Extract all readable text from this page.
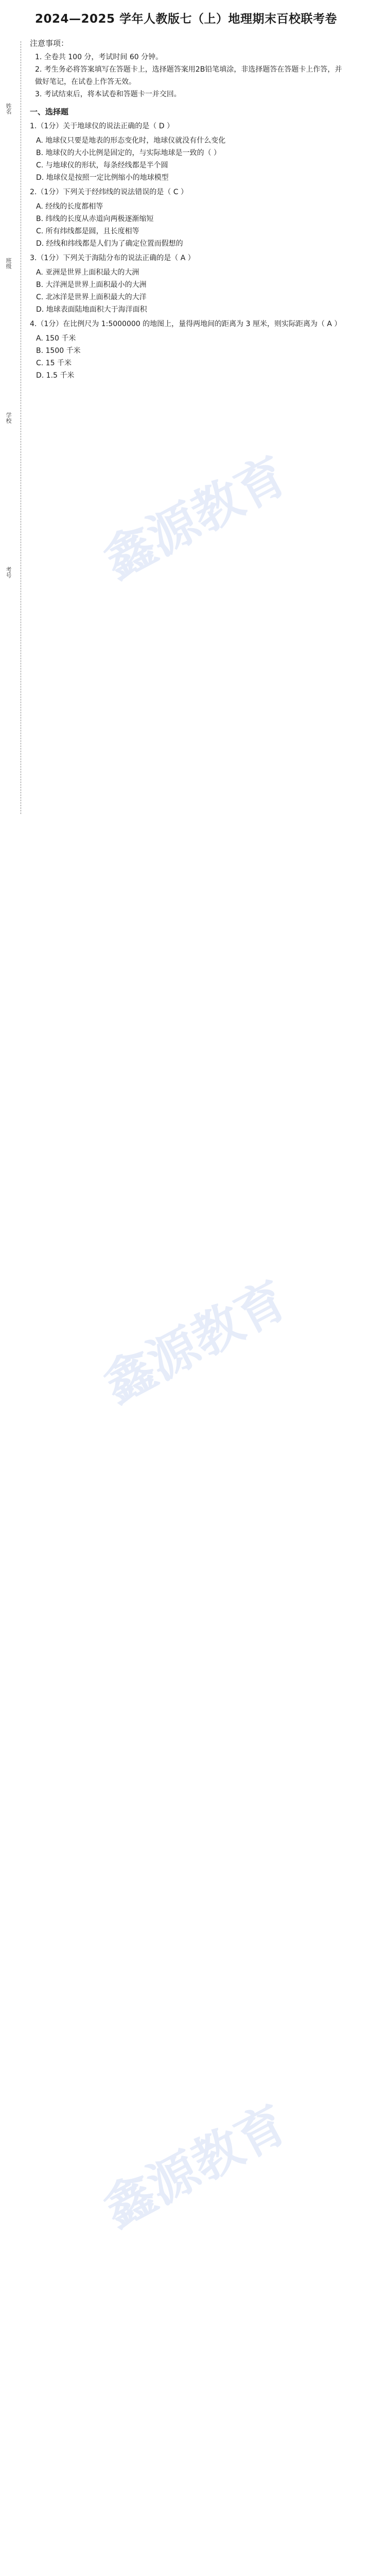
姓名
班级
学校
考号
2024—2025 学年人教版七（上）地理期末百校联考卷
注意事项：
1. 全卷共 100 分，考试时间 60 分钟。
2. 考生务必将答案填写在答题卡上，选择题答案用2B铅笔填涂，非选择题答在答题卡上作答，并
做好笔记，在试卷上作答无效。
3. 考试结束后，将本试卷和答题卡一并交回。
一、选择题
1.（1分）关于地球仪的说法正确的是（ D ）
A. 地球仪只要是地表的形态变化时，地球仪就没有什么变化
B. 地球仪的大小比例是固定的，与实际地球是一致的（ ）
C. 与地球仪的形状，每条经线都是半个圆
D. 地球仪是按照一定比例缩小的地球模型
2.（1分）下列关于经纬线的说法错误的是（ C ）
A. 经线的长度都相等
B. 纬线的长度从赤道向两极逐渐缩短
C. 所有纬线都是圆，且长度相等
D. 经线和纬线都是人们为了确定位置而假想的
3.（1分）下列关于海陆分布的说法正确的是（ A ）
A. 亚洲是世界上面积最大的大洲
B. 大洋洲是世界上面积最小的大洲
C. 北冰洋是世界上面积最大的大洋
D. 地球表面陆地面积大于海洋面积
4.（1分）在比例尺为 1:5000000 的地图上，量得两地间的距离为 3 厘米，则实际距离为（ A ）
A. 150 千米
B. 1500 千米
C. 15 千米
D. 1.5 千米
鑫源教育
鑫源教育
鑫源教育
